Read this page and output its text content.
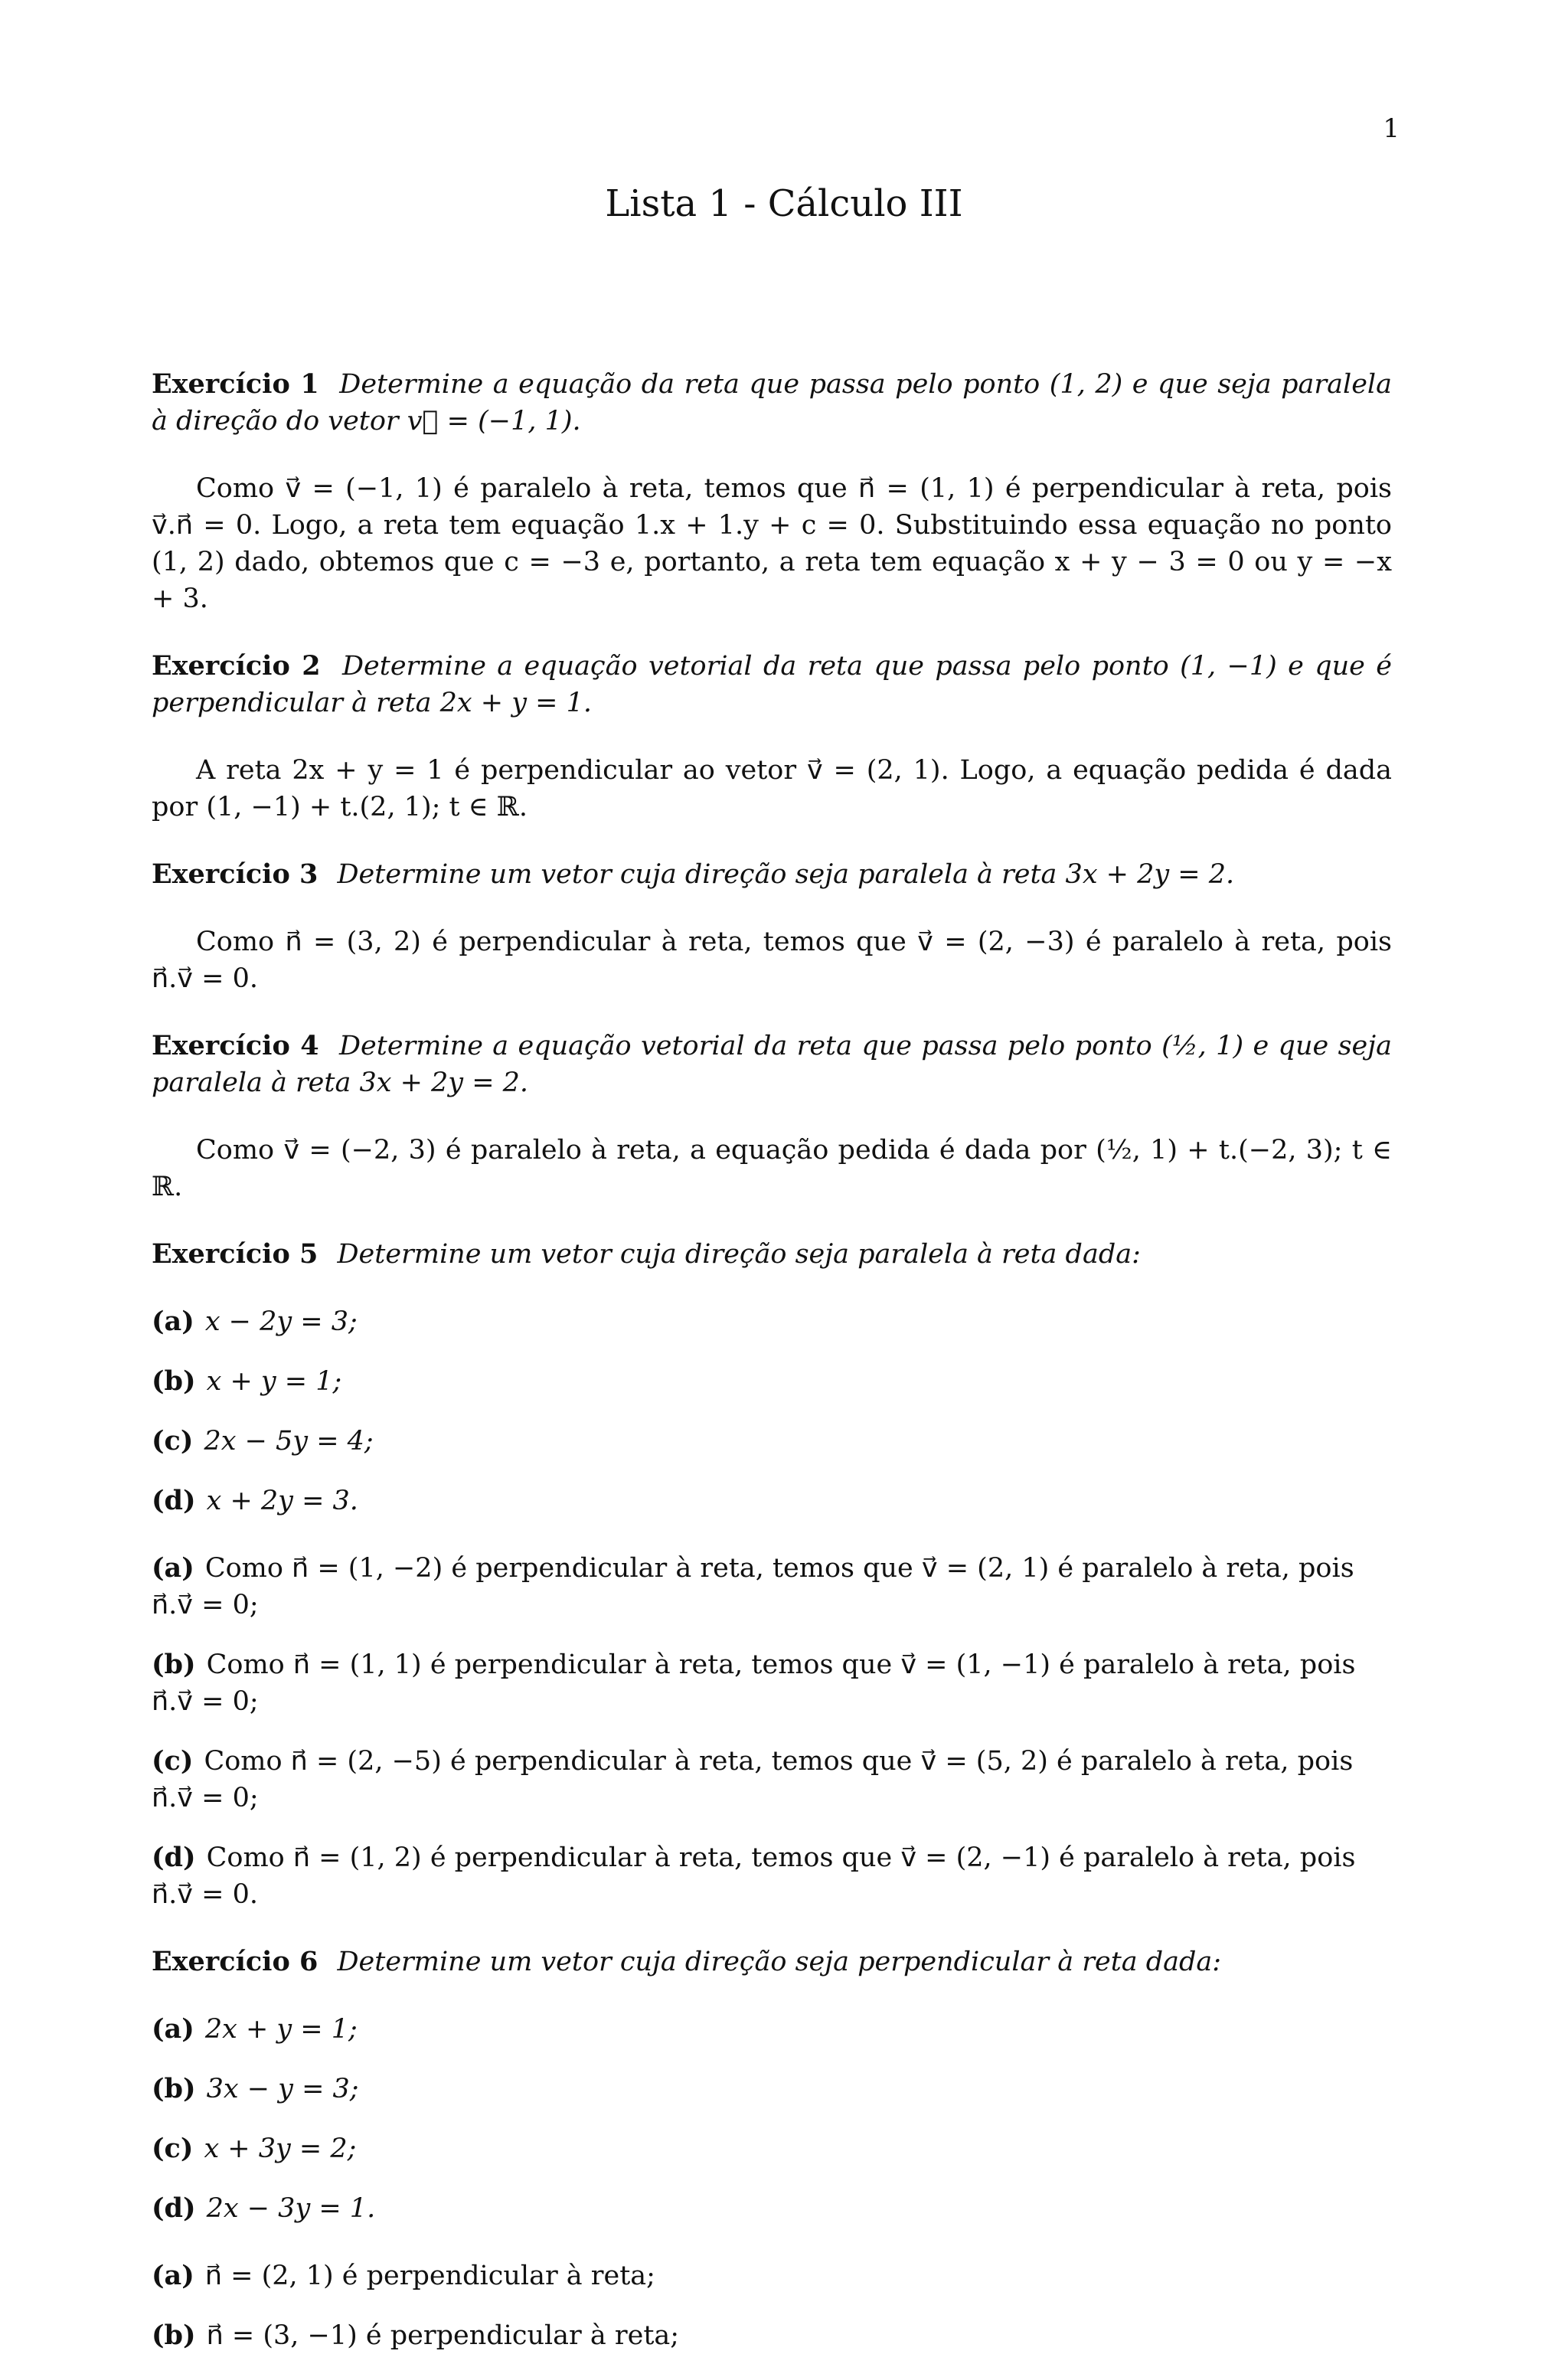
1
Lista 1 - Cálculo III

Exercício 1 Determine a equação da reta que passa pelo ponto (1, 2) e que seja paralela à direção do vetor v⃗ = (−1, 1).

Como v⃗ = (−1, 1) é paralelo à reta, temos que n⃗ = (1, 1) é perpendicular à reta, pois v⃗.n⃗ = 0. Logo, a reta tem equação 1.x + 1.y + c = 0. Substituindo essa equação no ponto (1, 2) dado, obtemos que c = −3 e, portanto, a reta tem equação x + y − 3 = 0 ou y = −x + 3.

Exercício 2 Determine a equação vetorial da reta que passa pelo ponto (1, −1) e que é perpendicular à reta 2x + y = 1.

A reta 2x + y = 1 é perpendicular ao vetor v⃗ = (2, 1). Logo, a equação pedida é dada por (1, −1) + t.(2, 1); t ∈ ℝ.

Exercício 3 Determine um vetor cuja direção seja paralela à reta 3x + 2y = 2.

Como n⃗ = (3, 2) é perpendicular à reta, temos que v⃗ = (2, −3) é paralelo à reta, pois n⃗.v⃗ = 0.

Exercício 4 Determine a equação vetorial da reta que passa pelo ponto (½, 1) e que seja paralela à reta 3x + 2y = 2.

Como v⃗ = (−2, 3) é paralelo à reta, a equação pedida é dada por (½, 1) + t.(−2, 3); t ∈ ℝ.

Exercício 5 Determine um vetor cuja direção seja paralela à reta dada:

(a) x − 2y = 3;

(b) x + y = 1;

(c) 2x − 5y = 4;

(d) x + 2y = 3.

(a) Como n⃗ = (1, −2) é perpendicular à reta, temos que v⃗ = (2, 1) é paralelo à reta, pois n⃗.v⃗ = 0;

(b) Como n⃗ = (1, 1) é perpendicular à reta, temos que v⃗ = (1, −1) é paralelo à reta, pois n⃗.v⃗ = 0;

(c) Como n⃗ = (2, −5) é perpendicular à reta, temos que v⃗ = (5, 2) é paralelo à reta, pois n⃗.v⃗ = 0;

(d) Como n⃗ = (1, 2) é perpendicular à reta, temos que v⃗ = (2, −1) é paralelo à reta, pois n⃗.v⃗ = 0.

Exercício 6 Determine um vetor cuja direção seja perpendicular à reta dada:

(a) 2x + y = 1;

(b) 3x − y = 3;

(c) x + 3y = 2;

(d) 2x − 3y = 1.

(a) n⃗ = (2, 1) é perpendicular à reta;

(b) n⃗ = (3, −1) é perpendicular à reta;
